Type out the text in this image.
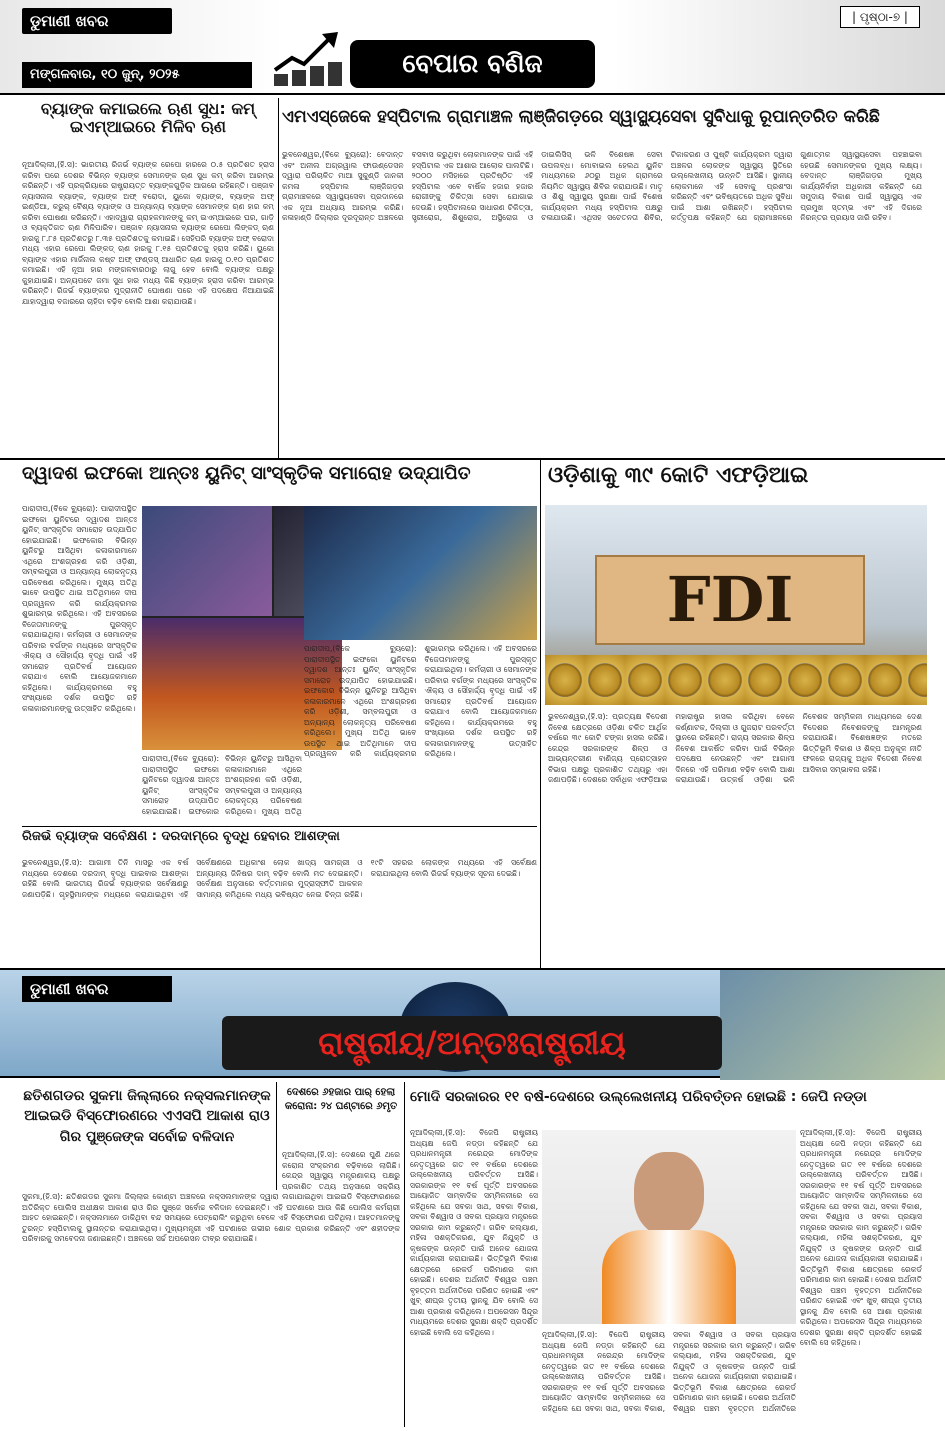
ଡୁମାଣୀ ଖବର
ମଙ୍ଗଳବାର, ୧୦ ଜୁନ୍, ୨୦୨୫	ବେପାର ବଣିଜ
| ପୃଷ୍ଠା-୭ |
ବ୍ୟାଙ୍କ କମାଇଲେ ଋଣ ସୁଧ: କମ୍ ଇଏମ୍‌ଆଇରେ ମିଳିବ ଋଣ
ନୂଆଦିଲ୍ଲୀ,(ହି.ସ): ଭାରତୀୟ ରିଜର୍ଭ ବ୍ୟାଙ୍କ ରେପୋ ହାରରେ ୦.୫ ପ୍ରତିଶତ ହ୍ରାସ କରିବା ପରେ ଦେଶର ବିଭିନ୍ନ ବ୍ୟାଙ୍କ ସେମାନଙ୍କ ଋଣ ସୁଧ କମ୍ କରିବା ଆରମ୍ଭ କରିଛନ୍ତି। ଏହି ପ୍ରକ୍ରିୟାରେ ରାଷ୍ଟ୍ରାୟତ୍ତ ବ୍ୟାଙ୍କଗୁଡ଼ିକ ଆଗରେ ରହିଛନ୍ତି। ପଞ୍ଜାବ ନ୍ୟାସନାଲ ବ୍ୟାଙ୍କ, ବ୍ୟାଙ୍କ ଅଫ୍ ବରୋଦା, ୟୁକୋ ବ୍ୟାଙ୍କ, ବ୍ୟାଙ୍କ ଅଫ୍ ଇଣ୍ଡିଆ, କରୁର୍ ବୈଶ୍ୟ ବ୍ୟାଙ୍କ ଓ ଅନ୍ୟାନ୍ୟ ବ୍ୟାଙ୍କ ସେମାନଙ୍କ ଋଣ ହାର କମ୍ କରିବା ଘୋଷଣା କରିଛନ୍ତି। ଏହାଦ୍ୱାରା ଗ୍ରାହକମାନଙ୍କୁ କମ୍ ଇଏମ୍‌ଆଇରେ ଘର, ଗାଡ଼ି ଓ ବ୍ୟକ୍ତିଗତ ଋଣ ମିଳିପାରିବ। ପଞ୍ଜାବ ନ୍ୟାସନାଲ ବ୍ୟାଙ୍କ ରେପୋ ଲିଙ୍କଡ୍ ଋଣ ହାରକୁ ୮.୮୫ ପ୍ରତିଶତରୁ ୮.୩୫ ପ୍ରତିଶତକୁ କମାଇଛି। ସେହିପରି ବ୍ୟାଙ୍କ ଅଫ୍ ବରୋଦା ମଧ୍ୟ ଏହାର ରେପୋ ଲିଙ୍କଡ୍ ଋଣ ହାରକୁ ୮.୧୫ ପ୍ରତିଶତକୁ ହ୍ରାସ କରିଛି। ୟୁକୋ ବ୍ୟାଙ୍କ ଏହାର ମାର୍ଜିନାଲ କଷ୍ଟ ଅଫ୍ ଫଣ୍ଡସ୍ ଆଧାରିତ ଋଣ ହାରକୁ ୦.୧୦ ପ୍ରତିଶତ କମାଇଛି। ଏହି ନୂଆ ହାର ମଙ୍ଗଳବାରଠାରୁ ଲାଗୁ ହେବ ବୋଲି ବ୍ୟାଙ୍କ ପକ୍ଷରୁ କୁହାଯାଇଛି। ଅନ୍ୟପଟେ ଜମା ସୁଧ ହାର ମଧ୍ୟ କିଛି ବ୍ୟାଙ୍କ ହ୍ରାସ କରିବା ଆରମ୍ଭ କରିଛନ୍ତି। ରିଜର୍ଭ ବ୍ୟାଙ୍କର ମୁଦ୍ରାନୀତି ଘୋଷଣା ପରେ ଏହି ପଦକ୍ଷେପ ନିଆଯାଇଛି ଯାହାଦ୍ୱାରା ବଜାରରେ ଚାହିଦା ବଢ଼ିବ ବୋଲି ଆଶା କରାଯାଉଛି।
ଏମଏସ୍‌ଜେକେ ହସ୍ପିଟାଲ ଗ୍ରାମାଞ୍ଚଳ ଲାଞ୍ଜିଗଡ଼ରେ ସ୍ୱାସ୍ଥ୍ୟସେବା ସୁବିଧାକୁ ରୂପାନ୍ତରିତ କରିଛି
ଭୁବନେଶ୍ୱର,(ବିକେ ବ୍ୟୁରୋ): ବେଦାନ୍ତ ଏବଂ ଅନୀଲ ଅଗ୍ରୱାଲ ଫାଉଣ୍ଡେସନ ଦ୍ୱାରା ପରିଚାଳିତ ମାଆ ସୁକୁଣ୍ଡି ଜାନକୀ କମଳା ହସ୍ପିଟାଲ ଲାଞ୍ଜିଗଡ଼ର ଗ୍ରାମାଞ୍ଚଳରେ ସ୍ୱାସ୍ଥ୍ୟସେବା ପ୍ରଦାନରେ ଏକ ନୂଆ ଅଧ୍ୟାୟ ଆରମ୍ଭ କରିଛି। କଳାହାଣ୍ଡି ଜିଲ୍ଲାର ଦୂରଦୂରାନ୍ତ ଅଞ୍ଚଳରେ ବସବାସ କରୁଥିବା ଲୋକମାନଙ୍କ ପାଇଁ ଏହି ହସ୍ପିଟାଲ ଏକ ଆଶାର ଆଲୋକ ପାଲଟିଛି। ୨୦୦୦ ମସିହାରେ ପ୍ରତିଷ୍ଠିତ ଏହି ହସ୍ପିଟାଲ ଏବେ ବାର୍ଷିକ ହଜାର ହଜାର ରୋଗୀଙ୍କୁ ଚିକିତ୍ସା ସେବା ଯୋଗାଇ ଦେଉଛି। ହସ୍ପିଟାଲରେ ସାଧାରଣ ଚିକିତ୍ସା, ସ୍ତ୍ରୀରୋଗ, ଶିଶୁରୋଗ, ଅସ୍ଥିରୋଗ ଓ ଡାଇଲିସିସ୍ ଭଳି ବିଶେଷଜ୍ଞ ସେବା ଉପଲବ୍ଧ। ମୋବାଇଲ ହେଲଥ ୟୁନିଟ ମାଧ୍ୟମରେ ୬୦ରୁ ଅଧିକ ଗ୍ରାମରେ ନିୟମିତ ସ୍ୱାସ୍ଥ୍ୟ ଶିବିର କରାଯାଉଛି। ମାତୃ ଓ ଶିଶୁ ସ୍ୱାସ୍ଥ୍ୟ ସୁରକ୍ଷା ପାଇଁ ବିଶେଷ କାର୍ଯ୍ୟକ୍ରମ ମଧ୍ୟ ହସ୍ପିଟାଲ ପକ୍ଷରୁ ଚଳାଯାଉଛି। ଏଥିସହ ସଚେତନତା ଶିବିର, ଟିକାକରଣ ଓ ପୁଷ୍ଟି କାର୍ଯ୍ୟକ୍ରମ ଦ୍ୱାରା ଅଞ୍ଚଳର ଲୋକଙ୍କ ସ୍ୱାସ୍ଥ୍ୟ ସ୍ଥିତିରେ ଉଲ୍ଲେଖନୀୟ ଉନ୍ନତି ଆସିଛି। ସ୍ଥାନୀୟ ଲୋକମାନେ ଏହି ସେବାକୁ ପ୍ରଶଂସା କରିଛନ୍ତି ଏବଂ ଭବିଷ୍ୟତରେ ଅଧିକ ସୁବିଧା ପାଇଁ ଆଶା ରଖିଛନ୍ତି। ହସ୍ପିଟାଲ କର୍ତ୍ତୃପକ୍ଷ କହିଛନ୍ତି ଯେ ଗ୍ରାମାଞ୍ଚଳରେ ଗୁଣାତ୍ମକ ସ୍ୱାସ୍ଥ୍ୟସେବା ପହଞ୍ଚାଇବା ହେଉଛି ସେମାନଙ୍କର ମୁଖ୍ୟ ଲକ୍ଷ୍ୟ। ବେଦାନ୍ତ ଲାଞ୍ଜିଗଡ଼ର ମୁଖ୍ୟ କାର୍ଯ୍ୟନିର୍ବାହୀ ଅଧିକାରୀ କହିଛନ୍ତି ଯେ ସମୁଦାୟ ବିକାଶ ପାଇଁ ସ୍ୱାସ୍ଥ୍ୟ ଏକ ପ୍ରମୁଖ ସ୍ତମ୍ଭ ଏବଂ ଏହି ଦିଗରେ ନିରନ୍ତର ପ୍ରୟାସ ଜାରି ରହିବ।
ଦ୍ୱାଦଶ ଇଫକୋ ଆନ୍ତଃ ୟୁନିଟ୍ ସାଂସ୍କୃତିକ ସମାରୋହ ଉଦ୍‌ଯାପିତ
ପାରାଦୀପ,(ବିକେ ବ୍ୟୁରୋ): ପାରାଦୀପସ୍ଥିତ ଇଫକୋ ୟୁନିଟରେ ଦ୍ୱାଦଶ ଆନ୍ତଃ ୟୁନିଟ୍ ସାଂସ୍କୃତିକ ସମାରୋହ ଉଦ୍‌ଯାପିତ ହୋଇଯାଇଛି। ଇଫକୋର ବିଭିନ୍ନ ୟୁନିଟରୁ ଆସିଥିବା କଳାକାରମାନେ ଏଥିରେ ଅଂଶଗ୍ରହଣ କରି ଓଡ଼ିଶୀ, ସମ୍ବଲପୁରୀ ଓ ଅନ୍ୟାନ୍ୟ ଲୋକନୃତ୍ୟ ପରିବେଷଣ କରିଥିଲେ। ମୁଖ୍ୟ ଅତିଥି ଭାବେ ଉପସ୍ଥିତ ଥାଇ ଅତିଥିମାନେ ଦୀପ ପ୍ରଜ୍ୱଳନ କରି କାର୍ଯ୍ୟକ୍ରମର ଶୁଭାରମ୍ଭ କରିଥିଲେ। ଏହି ଅବସରରେ ବିଜେତାମାନଙ୍କୁ ପୁରସ୍କୃତ କରାଯାଇଥିଲା। କର୍ମଚାରୀ ଓ ସେମାନଙ୍କ ପରିବାର ବର୍ଗଙ୍କ ମଧ୍ୟରେ ସାଂସ୍କୃତିକ ଐକ୍ୟ ଓ ସୌହାର୍ଦ୍ଦ୍ୟ ବୃଦ୍ଧି ପାଇଁ ଏହି ସମାରୋହ ପ୍ରତିବର୍ଷ ଆୟୋଜନ କରାଯାଏ ବୋଲି ଆୟୋଜକମାନେ କହିଥିଲେ। କାର୍ଯ୍ୟକ୍ରମରେ ବହୁ ସଂଖ୍ୟାରେ ଦର୍ଶକ ଉପସ୍ଥିତ ରହି କଳାକାରମାନଙ୍କୁ ଉତ୍ସାହିତ କରିଥିଲେ।
ପାରାଦୀପ,(ବିକେ ବ୍ୟୁରୋ): ପାରାଦୀପସ୍ଥିତ ଇଫକୋ ୟୁନିଟରେ ଦ୍ୱାଦଶ ଆନ୍ତଃ ୟୁନିଟ୍ ସାଂସ୍କୃତିକ ସମାରୋହ ଉଦ୍‌ଯାପିତ ହୋଇଯାଇଛି। ଇଫକୋର ବିଭିନ୍ନ ୟୁନିଟରୁ ଆସିଥିବା କଳାକାରମାନେ ଏଥିରେ ଅଂଶଗ୍ରହଣ କରି ଓଡ଼ିଶୀ, ସମ୍ବଲପୁରୀ ଓ ଅନ୍ୟାନ୍ୟ ଲୋକନୃତ୍ୟ ପରିବେଷଣ କରିଥିଲେ। ମୁଖ୍ୟ ଅତିଥି ଭାବେ ଉପସ୍ଥିତ ଥାଇ ଅତିଥିମାନେ ଦୀପ ପ୍ରଜ୍ୱଳନ କରି କାର୍ଯ୍ୟକ୍ରମର ଶୁଭାରମ୍ଭ କରିଥିଲେ। ଏହି ଅବସରରେ ବିଜେତାମାନଙ୍କୁ ପୁରସ୍କୃତ କରାଯାଇଥିଲା। କର୍ମଚାରୀ ଓ ସେମାନଙ୍କ ପରିବାର ବର୍ଗଙ୍କ ମଧ୍ୟରେ ସାଂସ୍କୃତିକ ଐକ୍ୟ ଓ ସୌହାର୍ଦ୍ଦ୍ୟ ବୃଦ୍ଧି ପାଇଁ ଏହି ସମାରୋହ ପ୍ରତିବର୍ଷ ଆୟୋଜନ କରାଯାଏ ବୋଲି ଆୟୋଜକମାନେ କହିଥିଲେ। କାର୍ଯ୍ୟକ୍ରମରେ ବହୁ ସଂଖ୍ୟାରେ ଦର୍ଶକ ଉପସ୍ଥିତ ରହି କଳାକାରମାନଙ୍କୁ ଉତ୍ସାହିତ କରିଥିଲେ।
ପାରାଦୀପ,(ବିକେ ବ୍ୟୁରୋ): ପାରାଦୀପସ୍ଥିତ ଇଫକୋ ୟୁନିଟରେ ଦ୍ୱାଦଶ ଆନ୍ତଃ ୟୁନିଟ୍ ସାଂସ୍କୃତିକ ସମାରୋହ ଉଦ୍‌ଯାପିତ ହୋଇଯାଇଛି। ଇଫକୋର ବିଭିନ୍ନ ୟୁନିଟରୁ ଆସିଥିବା କଳାକାରମାନେ ଏଥିରେ ଅଂଶଗ୍ରହଣ କରି ଓଡ଼ିଶୀ, ସମ୍ବଲପୁରୀ ଓ ଅନ୍ୟାନ୍ୟ ଲୋକନୃତ୍ୟ ପରିବେଷଣ କରିଥିଲେ। ମୁଖ୍ୟ ଅତିଥି
ଓଡ଼ିଶାକୁ ୩୯ କୋଟି ଏଫଡ଼ିଆଇ
FDI
ଭୁବନେଶ୍ୱର,(ହି.ସ): ପ୍ରତ୍ୟକ୍ଷ ବିଦେଶୀ ନିବେଶ କ୍ଷେତ୍ରରେ ଓଡ଼ିଶା ଚଳିତ ଆର୍ଥିକ ବର୍ଷରେ ୩୯ କୋଟି ଟଙ୍କା ହାସଲ କରିଛି। କେନ୍ଦ୍ର ସରକାରଙ୍କ ଶିଳ୍ପ ଓ ଆଭ୍ୟନ୍ତରୀଣ ବାଣିଜ୍ୟ ପ୍ରୋତ୍ସାହନ ବିଭାଗ ପକ୍ଷରୁ ପ୍ରକାଶିତ ତଥ୍ୟରୁ ଏହା ଜଣାପଡ଼ିଛି। ଦେଶରେ ସର୍ବାଧିକ ଏଫଡ଼ିଆଇ ମହାରାଷ୍ଟ୍ର ହାସଲ କରିଥିବା ବେଳେ କର୍ଣ୍ଣାଟକ, ଦିଲ୍ଲୀ ଓ ଗୁଜରାଟ ପରବର୍ତ୍ତୀ ସ୍ଥାନରେ ରହିଛନ୍ତି। ରାଜ୍ୟ ସରକାର ଶିଳ୍ପ ନିବେଶ ଆକର୍ଷିତ କରିବା ପାଇଁ ବିଭିନ୍ନ ପଦକ୍ଷେପ ନେଉଛନ୍ତି ଏବଂ ଆଗାମୀ ଦିନରେ ଏହି ପରିମାଣ ବଢ଼ିବ ବୋଲି ଆଶା କରାଯାଉଛି। ଉତ୍କର୍ଷ ଓଡ଼ିଶା ଭଳି ନିବେଶକ ସମ୍ମିଳନୀ ମାଧ୍ୟମରେ ଦେଶ ବିଦେଶର ନିବେଶକଙ୍କୁ ଆମନ୍ତ୍ରଣ କରାଯାଉଛି। ବିଶେଷଜ୍ଞଙ୍କ ମତରେ ଭିତ୍ତିଭୂମି ବିକାଶ ଓ ଶିଳ୍ପ ଅନୁକୂଳ ନୀତି ଫଳରେ ରାଜ୍ୟକୁ ଅଧିକ ବିଦେଶୀ ନିବେଶ ଆସିବାର ସମ୍ଭାବନା ରହିଛି।
ରିଜର୍ଭ ବ୍ୟାଙ୍କ ସର୍ବେକ୍ଷଣ : ଦରଦାମ୍‌ରେ ବୃଦ୍ଧି ହେବାର ଆଶଙ୍କା
ଭୁବନେଶ୍ୱର,(ହି.ସ): ଆଗାମୀ ତିନି ମାସରୁ ଏକ ବର୍ଷ ମଧ୍ୟରେ ଦେଶରେ ଦରଦାମ୍ ବୃଦ୍ଧି ପାଇବାର ଆଶଙ୍କା ରହିଛି ବୋଲି ଭାରତୀୟ ରିଜର୍ଭ ବ୍ୟାଙ୍କର ସର୍ବେକ୍ଷଣରୁ ଜଣାପଡ଼ିଛି। ଗୃହସ୍ଥିମାନଙ୍କ ମଧ୍ୟରେ କରାଯାଇଥିବା ଏହି ସର୍ବେକ୍ଷଣରେ ଅଧିକାଂଶ ଲୋକ ଖାଦ୍ୟ ସାମଗ୍ରୀ ଓ ଅନ୍ୟାନ୍ୟ ଜିନିଷର ଦାମ୍ ବଢ଼ିବ ବୋଲି ମତ ଦେଇଛନ୍ତି। ସର୍ବେକ୍ଷଣ ଅନୁସାରେ ବର୍ତ୍ତମାନର ମୁଦ୍ରାସ୍ଫୀତି ଆକଳନ ସାମାନ୍ୟ କମିଥିଲେ ମଧ୍ୟ ଭବିଷ୍ୟତ ନେଇ ଚିନ୍ତା ରହିଛି। ୧୯ଟି ସହରର ଲୋକଙ୍କ ମଧ୍ୟରେ ଏହି ସର୍ବେକ୍ଷଣ କରାଯାଇଥିଲା ବୋଲି ରିଜର୍ଭ ବ୍ୟାଙ୍କ ସୂଚନା ଦେଇଛି।
ଡୁମାଣୀ ଖବର
ରାଷ୍ଟ୍ରୀୟ/ଅନ୍ତଃରାଷ୍ଟ୍ରୀୟ
ଛତିଶଗଡର ସୁକମା ଜିଲ୍ଲାରେ ନକ୍ସଲମାନଙ୍କ ଆଇଇଡି ବିସ୍ଫୋରଣରେ ଏଏସପି ଆକାଶ ରାଓ ଗିର ପୁଞ୍ଜେଙ୍କ ସର୍ବୋଚ୍ଚ ବଳିଦାନ
ସୁକମା,(ହି.ସ): ଛତିଶଗଡର ସୁକମା ଜିଲ୍ଲାର କୋଣ୍ଟା ଅଞ୍ଚଳରେ ନକ୍ସଲମାନଙ୍କ ଦ୍ୱାରା ଲଗାଯାଇଥିବା ଆଇଇଡି ବିସ୍ଫୋରଣରେ ଅତିରିକ୍ତ ପୋଲିସ ଅଧୀକ୍ଷକ ଆକାଶ ରାଓ ଗିର ପୁଞ୍ଜେ ସର୍ବୋଚ୍ଚ ବଳିଦାନ ଦେଇଛନ୍ତି। ଏହି ଘଟଣାରେ ଆଉ କିଛି ପୋଲିସ କର୍ମଚାରୀ ଆହତ ହୋଇଛନ୍ତି। ନକ୍ସଲମାନେ ଡାକିଥିବା ବନ୍ଦ ସମୟରେ ପେଟ୍ରୋଲିଂ କରୁଥିବା ବେଳେ ଏହି ବିସ୍ଫୋରଣ ଘଟିଥିଲା। ଆହତମାନଙ୍କୁ ତୁରନ୍ତ ହସ୍ପିଟାଲକୁ ସ୍ଥାନାନ୍ତର କରାଯାଇଥିଲା। ମୁଖ୍ୟମନ୍ତ୍ରୀ ଏହି ଘଟଣାରେ ଗଭୀର ଶୋକ ପ୍ରକାଶ କରିଛନ୍ତି ଏବଂ ଶହୀଦଙ୍କ ପରିବାରକୁ ସମବେଦନା ଜଣାଇଛନ୍ତି। ଅଞ୍ଚଳରେ ସର୍ଚ୍ଚ ଅପରେସନ ତୀବ୍ର କରାଯାଇଛି।
ଦେଶରେ ୬ହଜାର ପାର୍ ହେଲା କରୋନା: ୨୪ ଘଣ୍ଟାରେ ୬ମୃତ
ନୂଆଦିଲ୍ଲୀ,(ହି.ସ): ଦେଶରେ ପୁଣି ଥରେ କରୋନା ସଂକ୍ରମଣ ବଢ଼ିବାରେ ଲାଗିଛି। କେନ୍ଦ୍ର ସ୍ୱାସ୍ଥ୍ୟ ମନ୍ତ୍ରଣାଳୟ ପକ୍ଷରୁ ପ୍ରକାଶିତ ତଥ୍ୟ ଅନୁସାରେ ସକ୍ରିୟ
ମୋଦି ସରକାରର ୧୧ ବର୍ଷ-ଦେଶରେ ଉଲ୍ଲେଖନୀୟ ପରିବର୍ତ୍ତନ ହୋଇଛି : ଜେପି ନଡ୍ଡା
ନୂଆଦିଲ୍ଲୀ,(ହି.ସ): ବିଜେପି ରାଷ୍ଟ୍ରୀୟ ଅଧ୍ୟକ୍ଷ ଜେପି ନଡ୍ଡା କହିଛନ୍ତି ଯେ ପ୍ରଧାନମନ୍ତ୍ରୀ ନରେନ୍ଦ୍ର ମୋଦିଙ୍କ ନେତୃତ୍ୱରେ ଗତ ୧୧ ବର୍ଷରେ ଦେଶରେ ଉଲ୍ଲେଖନୀୟ ପରିବର୍ତ୍ତନ ଆସିଛି। ସରକାରଙ୍କ ୧୧ ବର୍ଷ ପୂର୍ତ୍ତି ଅବସରରେ ଆୟୋଜିତ ସାମ୍ବାଦିକ ସମ୍ମିଳନୀରେ ସେ କହିଥିଲେ ଯେ ସବକା ସାଥ, ସବକା ବିକାଶ, ସବକା ବିଶ୍ୱାସ ଓ ସବକା ପ୍ରୟାସ ମନ୍ତ୍ରରେ ସରକାର କାମ କରୁଛନ୍ତି। ଗରିବ କଲ୍ୟାଣ, ମହିଳା ସଶକ୍ତିକରଣ, ଯୁବ ନିଯୁକ୍ତି ଓ କୃଷକଙ୍କ ଉନ୍ନତି ପାଇଁ ଅନେକ ଯୋଜନା କାର୍ଯ୍ୟକାରୀ କରାଯାଇଛି। ଭିତ୍ତିଭୂମି ବିକାଶ କ୍ଷେତ୍ରରେ ରେକର୍ଡ ପରିମାଣର କାମ ହୋଇଛି। ଦେଶର ଅର୍ଥନୀତି ବିଶ୍ୱର ପଞ୍ଚମ ବୃହତ୍ତମ ଅର୍ଥନୀତିରେ ପରିଣତ ହୋଇଛି ଏବଂ ଖୁବ୍ ଶୀଘ୍ର ତୃତୀୟ ସ୍ଥାନକୁ ଯିବ ବୋଲି ସେ ଆଶା ପ୍ରକାଶ କରିଥିଲେ। ଅପରେସନ ସିନ୍ଦୂର ମାଧ୍ୟମରେ ଦେଶର ସୁରକ୍ଷା ଶକ୍ତି ପ୍ରଦର୍ଶିତ ହୋଇଛି ବୋଲି ସେ କହିଥିଲେ।	ନୂଆଦିଲ୍ଲୀ,(ହି.ସ): ବିଜେପି ରାଷ୍ଟ୍ରୀୟ ଅଧ୍ୟକ୍ଷ ଜେପି ନଡ୍ଡା କହିଛନ୍ତି ଯେ ପ୍ରଧାନମନ୍ତ୍ରୀ ନରେନ୍ଦ୍ର ମୋଦିଙ୍କ ନେତୃତ୍ୱରେ ଗତ ୧୧ ବର୍ଷରେ ଦେଶରେ ଉଲ୍ଲେଖନୀୟ ପରିବର୍ତ୍ତନ ଆସିଛି। ସରକାରଙ୍କ ୧୧ ବର୍ଷ ପୂର୍ତ୍ତି ଅବସରରେ ଆୟୋଜିତ ସାମ୍ବାଦିକ ସମ୍ମିଳନୀରେ ସେ କହିଥିଲେ ଯେ ସବକା ସାଥ, ସବକା ବିକାଶ, ସବକା ବିଶ୍ୱାସ ଓ ସବକା ପ୍ରୟାସ ମନ୍ତ୍ରରେ ସରକାର କାମ କରୁଛନ୍ତି। ଗରିବ କଲ୍ୟାଣ, ମହିଳା ସଶକ୍ତିକରଣ, ଯୁବ ନିଯୁକ୍ତି ଓ କୃଷକଙ୍କ ଉନ୍ନତି ପାଇଁ ଅନେକ ଯୋଜନା କାର୍ଯ୍ୟକାରୀ କରାଯାଇଛି। ଭିତ୍ତିଭୂମି ବିକାଶ କ୍ଷେତ୍ରରେ ରେକର୍ଡ ପରିମାଣର କାମ ହୋଇଛି। ଦେଶର ଅର୍ଥନୀତି ବିଶ୍ୱର ପଞ୍ଚମ ବୃହତ୍ତମ ଅର୍ଥନୀତିରେ
ନୂଆଦିଲ୍ଲୀ,(ହି.ସ): ବିଜେପି ରାଷ୍ଟ୍ରୀୟ ଅଧ୍ୟକ୍ଷ ଜେପି ନଡ୍ଡା କହିଛନ୍ତି ଯେ ପ୍ରଧାନମନ୍ତ୍ରୀ ନରେନ୍ଦ୍ର ମୋଦିଙ୍କ ନେତୃତ୍ୱରେ ଗତ ୧୧ ବର୍ଷରେ ଦେଶରେ ଉଲ୍ଲେଖନୀୟ ପରିବର୍ତ୍ତନ ଆସିଛି। ସରକାରଙ୍କ ୧୧ ବର୍ଷ ପୂର୍ତ୍ତି ଅବସରରେ ଆୟୋଜିତ ସାମ୍ବାଦିକ ସମ୍ମିଳନୀରେ ସେ କହିଥିଲେ ଯେ ସବକା ସାଥ, ସବକା ବିକାଶ, ସବକା ବିଶ୍ୱାସ ଓ ସବକା ପ୍ରୟାସ ମନ୍ତ୍ରରେ ସରକାର କାମ କରୁଛନ୍ତି। ଗରିବ କଲ୍ୟାଣ, ମହିଳା ସଶକ୍ତିକରଣ, ଯୁବ ନିଯୁକ୍ତି ଓ କୃଷକଙ୍କ ଉନ୍ନତି ପାଇଁ ଅନେକ ଯୋଜନା କାର୍ଯ୍ୟକାରୀ କରାଯାଇଛି। ଭିତ୍ତିଭୂମି ବିକାଶ କ୍ଷେତ୍ରରେ ରେକର୍ଡ ପରିମାଣର କାମ ହୋଇଛି। ଦେଶର ଅର୍ଥନୀତି ବିଶ୍ୱର ପଞ୍ଚମ ବୃହତ୍ତମ ଅର୍ଥନୀତିରେ ପରିଣତ ହୋଇଛି ଏବଂ ଖୁବ୍ ଶୀଘ୍ର ତୃତୀୟ ସ୍ଥାନକୁ ଯିବ ବୋଲି ସେ ଆଶା ପ୍ରକାଶ କରିଥିଲେ। ଅପରେସନ ସିନ୍ଦୂର ମାଧ୍ୟମରେ ଦେଶର ସୁରକ୍ଷା ଶକ୍ତି ପ୍ରଦର୍ଶିତ ହୋଇଛି ବୋଲି ସେ କହିଥିଲେ।
